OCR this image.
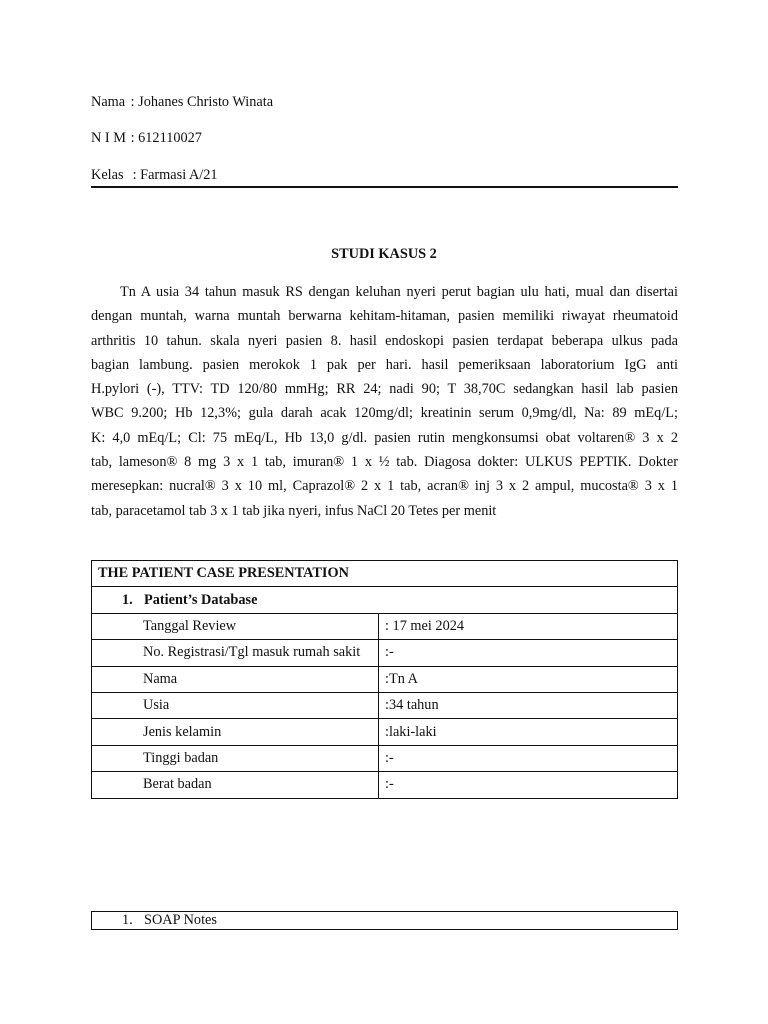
Nama : Johanes Christo Winata
N I M : 612110027
Kelas : Farmasi A/21
STUDI KASUS 2
Tn A usia 34 tahun masuk RS dengan keluhan nyeri perut bagian ulu hati, mual dan disertai
dengan muntah, warna muntah berwarna kehitam-hitaman, pasien memiliki riwayat rheumatoid
arthritis 10 tahun. skala nyeri pasien 8. hasil endoskopi pasien terdapat beberapa ulkus pada
bagian lambung. pasien merokok 1 pak per hari. hasil pemeriksaan laboratorium IgG anti
H.pylori (-), TTV: TD 120/80 mmHg; RR 24; nadi 90; T 38,70C sedangkan hasil lab pasien
WBC 9.200; Hb 12,3%; gula darah acak 120mg/dl; kreatinin serum 0,9mg/dl, Na: 89 mEq/L;
K: 4,0 mEq/L; Cl: 75 mEq/L, Hb 13,0 g/dl. pasien rutin mengkonsumsi obat voltaren® 3 x 2
tab, lameson® 8 mg 3 x 1 tab, imuran® 1 x ½ tab. Diagosa dokter: ULKUS PEPTIK. Dokter
meresepkan: nucral® 3 x 10 ml, Caprazol® 2 x 1 tab, acran® inj 3 x 2 ampul, mucosta® 3 x 1
tab, paracetamol tab 3 x 1 tab jika nyeri, infus NaCl 20 Tetes per menit
THE PATIENT CASE PRESENTATION	
1. Patient’s Database	
Tanggal Review	: 17 mei 2024
No. Registrasi/Tgl masuk rumah sakit	:-
Nama	:Tn A
Usia	:34 tahun
Jenis kelamin	:laki-laki
Tinggi badan	:-
Berat badan	:-
1. SOAP Notes
